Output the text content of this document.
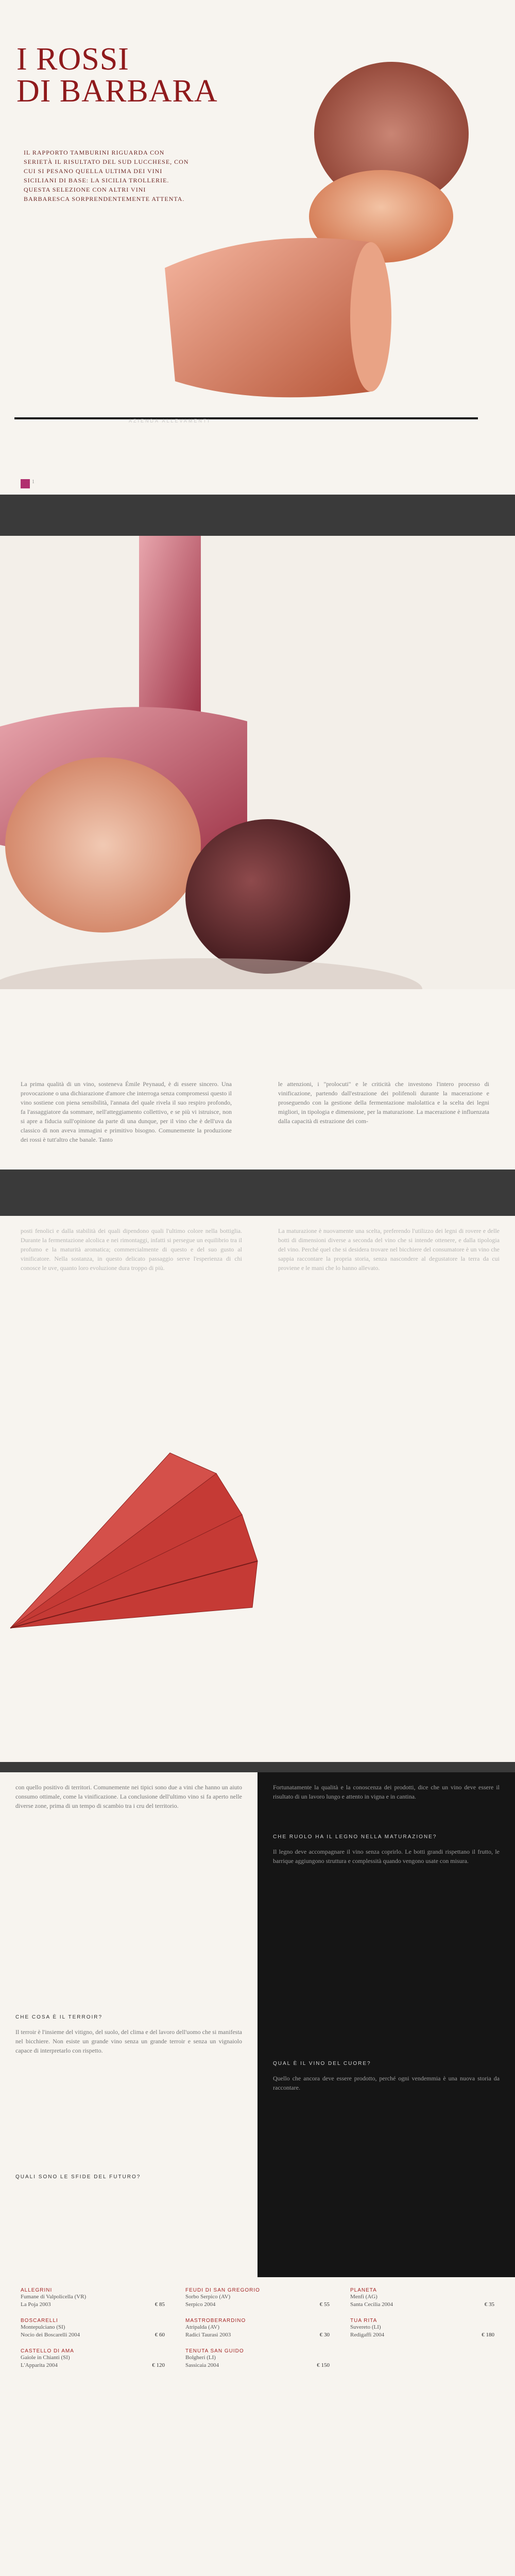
I ROSSI
DI BARBARA
IL RAPPORTO TAMBURINI RIGUARDA CON SERIETÀ IL RISULTATO DEL SUD LUCCHESE, CON CUI SI PESANO QUELLA ULTIMA DEI VINI SICILIANI DI BASE: LA SICILIA TROLLERIE. QUESTA SELEZIONE CON ALTRI VINI BARBARESCA SORPRENDENTEMENTE ATTENTA.
AZIENDA ALLEVAMENTI
1
La prima qualità di un vino, sosteneva Émile Peynaud, è di essere sincero. Una provocazione o una dichiarazione d'amore che interroga senza compromessi questo il vino sostiene con piena sensibilità, l'annata del quale rivela il suo respiro profondo, fa l'assaggiatore da sommare, nell'atteggiamento collettivo, e se più vi istruisce, non si apre a fiducia sull'opinione da parte di una dunque, per il vino che è dell'uva da classico di non aveva immagini e primitivo bisogno. Comunemente la produzione dei rossi è tutt'altro che banale. Tanto
le attenzioni, i "prolocuti" e le criticità che investono l'intero processo di vinificazione, partendo dall'estrazione dei polifenoli durante la macerazione e proseguendo con la gestione della fermentazione malolattica e la scelta dei legni migliori, in tipologia e dimensione, per la maturazione. La macerazione è influenzata dalla capacità di estrazione dei com-
posti fenolici e dalla stabilità dei quali dipendono quali l'ultimo colore nella bottiglia. Durante la fermentazione alcolica e nei rimontaggi, infatti si persegue un equilibrio tra il profumo e la maturità aromatica; commercialmente di questo e del suo gusto al vinificatore. Nella sostanza, in questo delicato passaggio serve l'esperienza di chi conosce le uve, quanto loro evoluzione dura troppo di più.
La maturazione è nuovamente una scelta, preferendo l'utilizzo dei legni di rovere e delle botti di dimensioni diverse a seconda del vino che si intende ottenere, e dalla tipologia del vino. Perché quel che si desidera trovare nel bicchiere del consumatore è un vino che sappia raccontare la propria storia, senza nascondere al degustatore la terra da cui proviene e le mani che lo hanno allevato.
Fortunatamente la qualità e la conoscenza dei prodotti, dice che un vino deve essere il risultato di un lavoro lungo e attento in vigna e in cantina.
CHE RUOLO HA IL LEGNO NELLA MATURAZIONE?
Il legno deve accompagnare il vino senza coprirlo. Le botti grandi rispettano il frutto, le barrique aggiungono struttura e complessità quando vengono usate con misura.
QUAL È IL VINO DEL CUORE?
Quello che ancora deve essere prodotto, perché ogni vendemmia è una nuova storia da raccontare.
con quello positivo di territori. Comunemente nei tipici sono due a vini che hanno un aiuto consumo ottimale, come la vinificazione. La conclusione dell'ultimo vino si fa aperto nelle diverse zone, prima di un tempo di scambio tra i cru del territorio.
CHE COSA È IL TERROIR?
Il terroir è l'insieme del vitigno, del suolo, del clima e del lavoro dell'uomo che si manifesta nel bicchiere. Non esiste un grande vino senza un grande terroir e senza un vignaiolo capace di interpretarlo con rispetto.
QUALI SONO LE SFIDE DEL FUTURO?
ALLEGRINI
Fumane di Valpolicella (VR)
€ 85
La Poja 2003
BOSCARELLI
Montepulciano (SI)
€ 60
Nocio dei Boscarelli 2004
CASTELLO DI AMA
Gaiole in Chianti (SI)
€ 120
L'Apparita 2004
FEUDI DI SAN GREGORIO
Sorbo Serpico (AV)
€ 55
Serpico 2004
MASTROBERARDINO
Atripalda (AV)
€ 30
Radici Taurasi 2003
TENUTA SAN GUIDO
Bolgheri (LI)
€ 150
Sassicaia 2004
PLANETA
Menfi (AG)
€ 35
Santa Cecilia 2004
TUA RITA
Suvereto (LI)
€ 180
Redigaffi 2004
